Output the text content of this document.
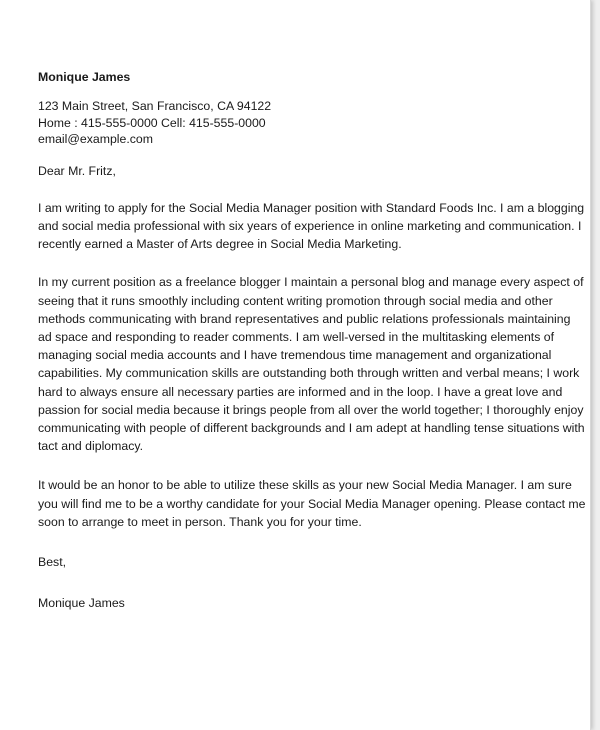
Monique James
123 Main Street, San Francisco, CA 94122
Home : 415-555-0000 Cell: 415-555-0000
email@example.com
Dear Mr. Fritz,

I am writing to apply for the Social Media Manager position with Standard Foods Inc. I am a blogging and social media professional with six years of experience in online marketing and communication. I recently earned a Master of Arts degree in Social Media Marketing.

In my current position as a freelance blogger I maintain a personal blog and manage every aspect of seeing that it runs smoothly including content writing promotion through social media and other methods communicating with brand representatives and public relations professionals maintaining ad space and responding to reader comments. I am well-versed in the multitasking elements of managing social media accounts and I have tremendous time management and organizational capabilities. My communication skills are outstanding both through written and verbal means; I work hard to always ensure all necessary parties are informed and in the loop. I have a great love and passion for social media because it brings people from all over the world together; I thoroughly enjoy communicating with people of different backgrounds and I am adept at handling tense situations with tact and diplomacy.

It would be an honor to be able to utilize these skills as your new Social Media Manager. I am sure you will find me to be a worthy candidate for your Social Media Manager opening. Please contact me soon to arrange to meet in person. Thank you for your time.

Best,
Monique James
